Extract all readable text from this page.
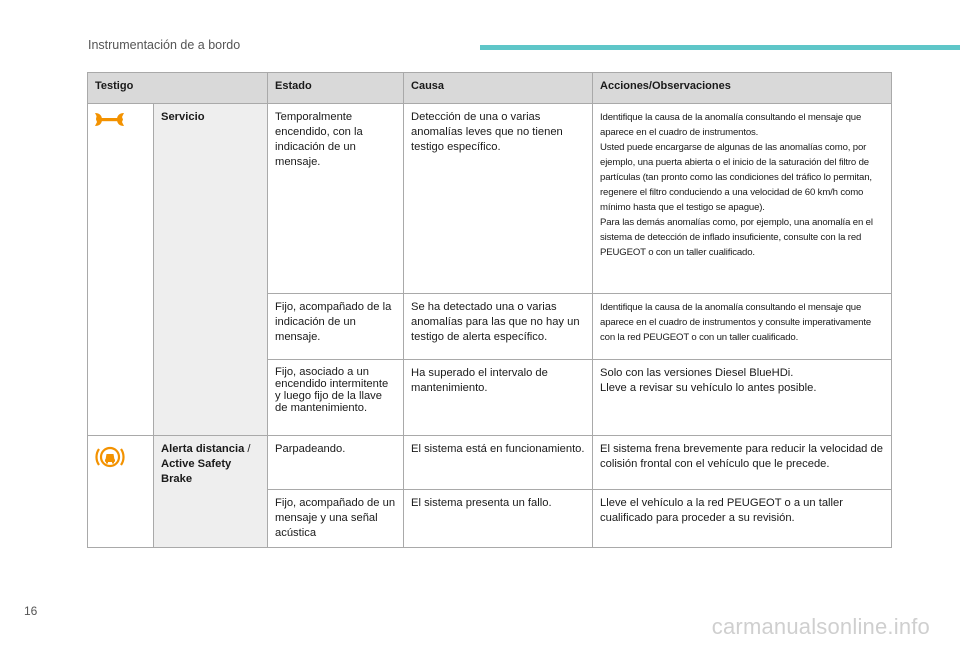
Instrumentación de a bordo
Testigo		Estado	Causa	Acciones/Observaciones
	Servicio	Temporalmente encendido, con la indicación de un mensaje.	Detección de una o varias anomalías leves que no tienen testigo específico.	Identifique la causa de la anomalía consultando el mensaje que aparece en el cuadro de instrumentos.
Usted puede encargarse de algunas de las anomalías como, por ejemplo, una puerta abierta o el inicio de la saturación del filtro de partículas (tan pronto como las condiciones del tráfico lo permitan, regenere el filtro conduciendo a una velocidad de 60 km/h como mínimo hasta que el testigo se apague).
Para las demás anomalías como, por ejemplo, una anomalía en el sistema de detección de inflado insuficiente, consulte con la red PEUGEOT o con un taller cualificado.

		Fijo, acompañado de la indicación de un mensaje.	Se ha detectado una o varias anomalías para las que no hay un testigo de alerta específico.	Identifique la causa de la anomalía consultando el mensaje que aparece en el cuadro de instrumentos y consulte imperativamente con la red PEUGEOT o con un taller cualificado.

		Fijo, asociado a un encendido intermitente y luego fijo de la llave de mantenimiento.	Ha superado el intervalo de mantenimiento.	Solo con las versiones Diesel BlueHDi.
Lleve a revisar su vehículo lo antes posible.

	Alerta distancia /
Active Safety Brake	Parpadeando.	El sistema está en funcionamiento.	El sistema frena brevemente para reducir la velocidad de colisión frontal con el vehículo que le precede.
		Fijo, acompañado de un mensaje y una señal acústica	El sistema presenta un fallo.	Lleve el vehículo a la red PEUGEOT o a un taller cualificado para proceder a su revisión.
16
carmanualsonline.info
